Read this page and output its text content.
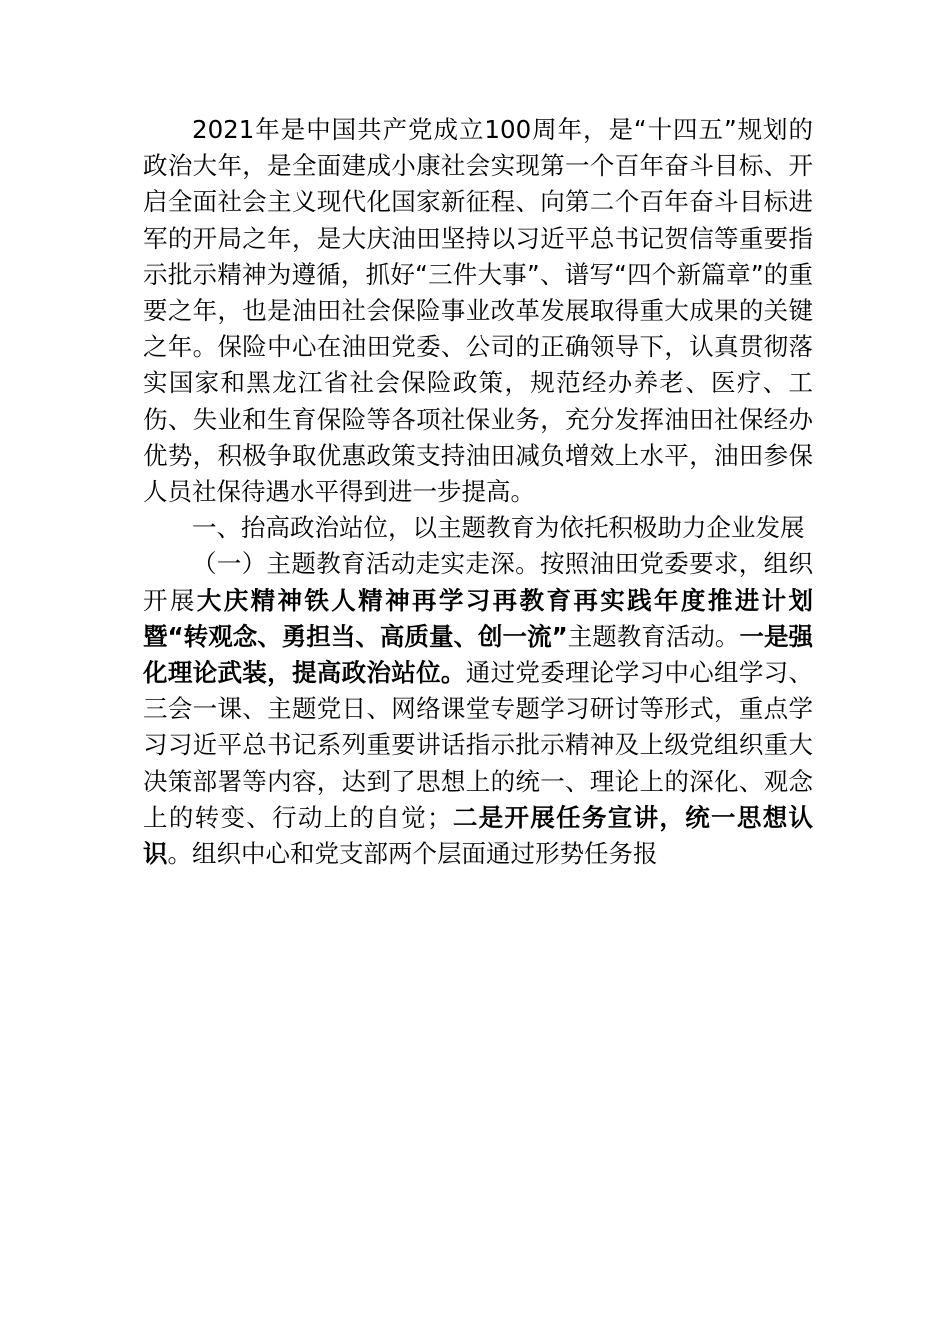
2021年是中国共产党成立100周年，是“十四五”规划的政治大年，是全面建成小康社会实现第一个百年奋斗目标、开启全面社会主义现代化国家新征程、向第二个百年奋斗目标进军的开局之年，是大庆油田坚持以习近平总书记贺信等重要指示批示精神为遵循，抓好“三件大事”、谱写“四个新篇章”的重要之年，也是油田社会保险事业改革发展取得重大成果的关键之年。保险中心在油田党委、公司的正确领导下，认真贯彻落实国家和黑龙江省社会保险政策，规范经办养老、医疗、工伤、失业和生育保险等各项社保业务，充分发挥油田社保经办优势，积极争取优惠政策支持油田减负增效上水平，油田参保人员社保待遇水平得到进一步提高。

一、抬高政治站位，以主题教育为依托积极助力企业发展

（一）主题教育活动走实走深。按照油田党委要求，组织开展大庆精神铁人精神再学习再教育再实践年度推进计划暨“转观念、勇担当、高质量、创一流”主题教育活动。一是强化理论武装，提高政治站位。通过党委理论学习中心组学习、三会一课、主题党日、网络课堂专题学习研讨等形式，重点学习习近平总书记系列重要讲话指示批示精神及上级党组织重大决策部署等内容，达到了思想上的统一、理论上的深化、观念上的转变、行动上的自觉；二是开展任务宣讲，统一思想认识。组织中心和党支部两个层面通过形势任务报
